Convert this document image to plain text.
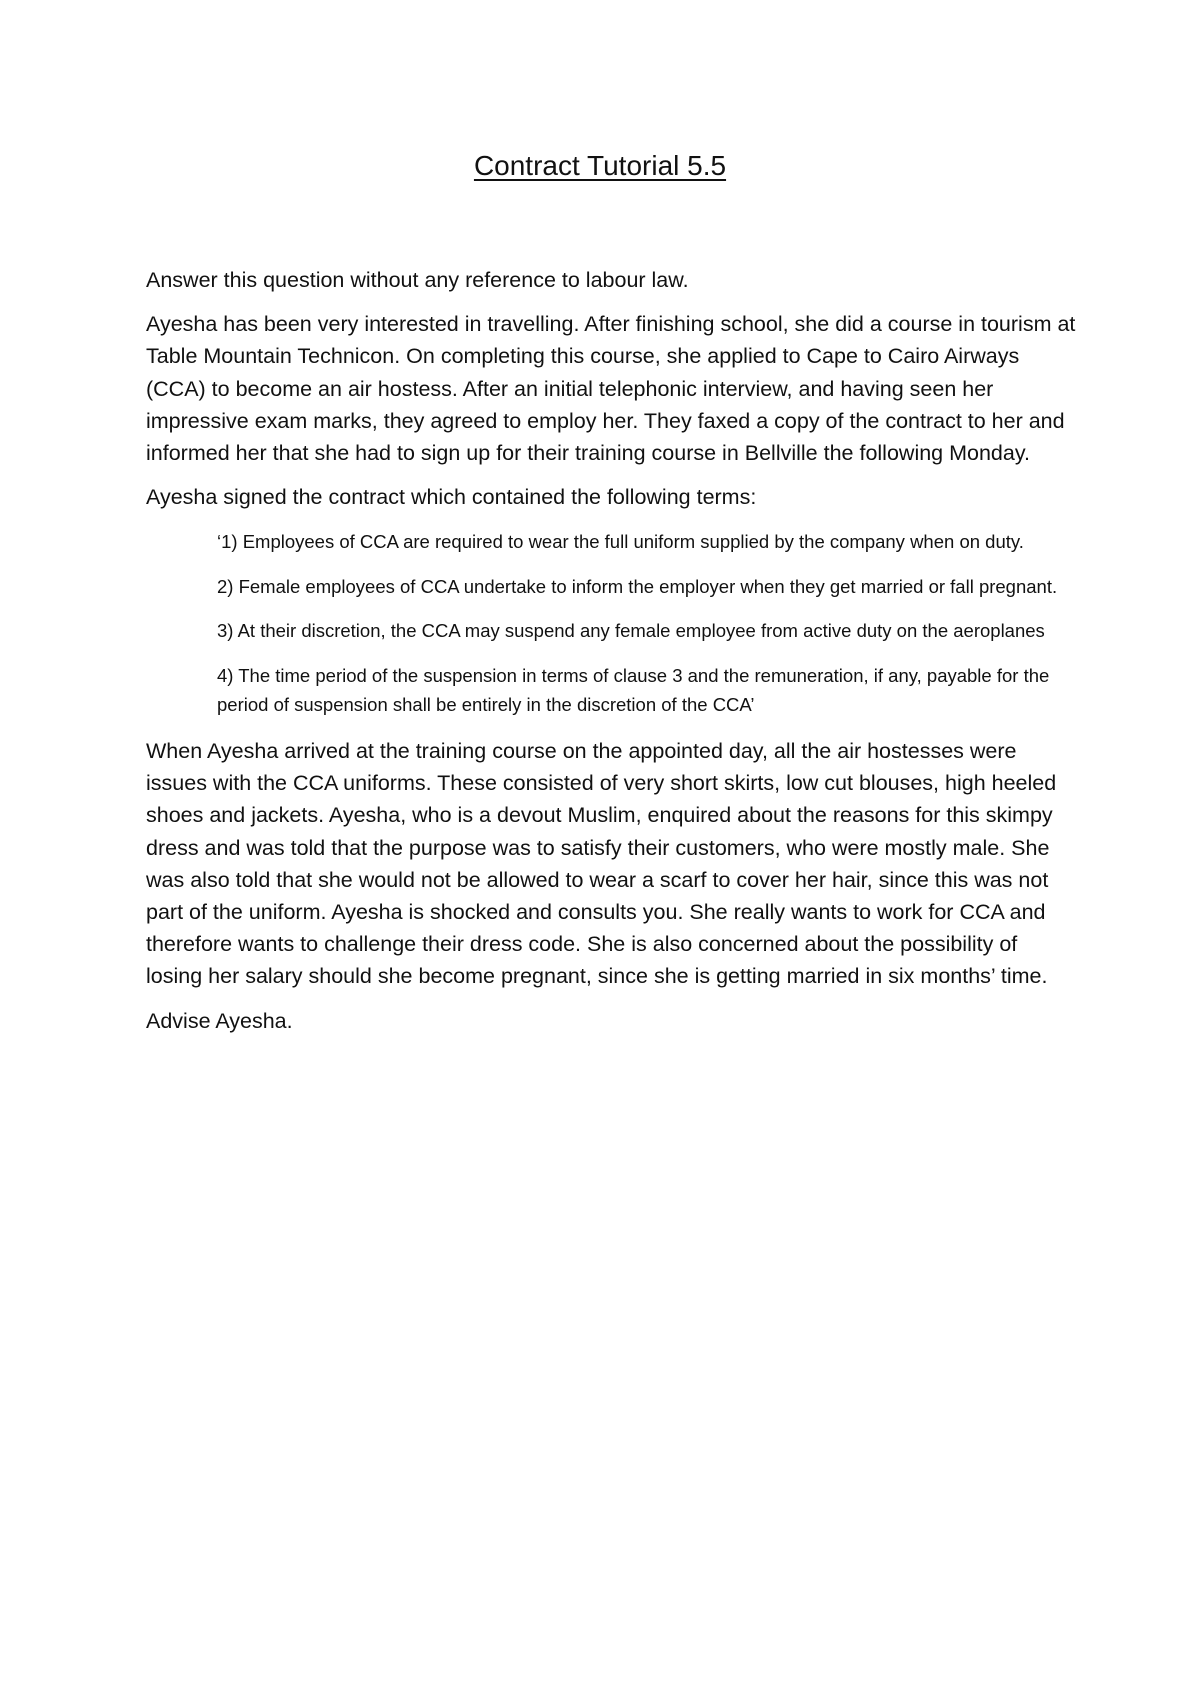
Contract Tutorial 5.5

Answer this question without any reference to labour law.

Ayesha has been very interested in travelling. After finishing school, she did a course in tourism at Table Mountain Technicon. On completing this course, she applied to Cape to Cairo Airways (CCA) to become an air hostess. After an initial telephonic interview, and having seen her impressive exam marks, they agreed to employ her. They faxed a copy of the contract to her and informed her that she had to sign up for their training course in Bellville the following Monday.

Ayesha signed the contract which contained the following terms:

‘1) Employees of CCA are required to wear the full uniform supplied by the company when on duty.

2) Female employees of CCA undertake to inform the employer when they get married or fall pregnant.

3) At their discretion, the CCA may suspend any female employee from active duty on the aeroplanes

4) The time period of the suspension in terms of clause 3 and the remuneration, if any, payable for the period of suspension shall be entirely in the discretion of the CCA’

When Ayesha arrived at the training course on the appointed day, all the air hostesses were issues with the CCA uniforms. These consisted of very short skirts, low cut blouses, high heeled shoes and jackets. Ayesha, who is a devout Muslim, enquired about the reasons for this skimpy dress and was told that the purpose was to satisfy their customers, who were mostly male. She was also told that she would not be allowed to wear a scarf to cover her hair, since this was not part of the uniform. Ayesha is shocked and consults you. She really wants to work for CCA and therefore wants to challenge their dress code. She is also concerned about the possibility of losing her salary should she become pregnant, since she is getting married in six months’ time.

Advise Ayesha.
